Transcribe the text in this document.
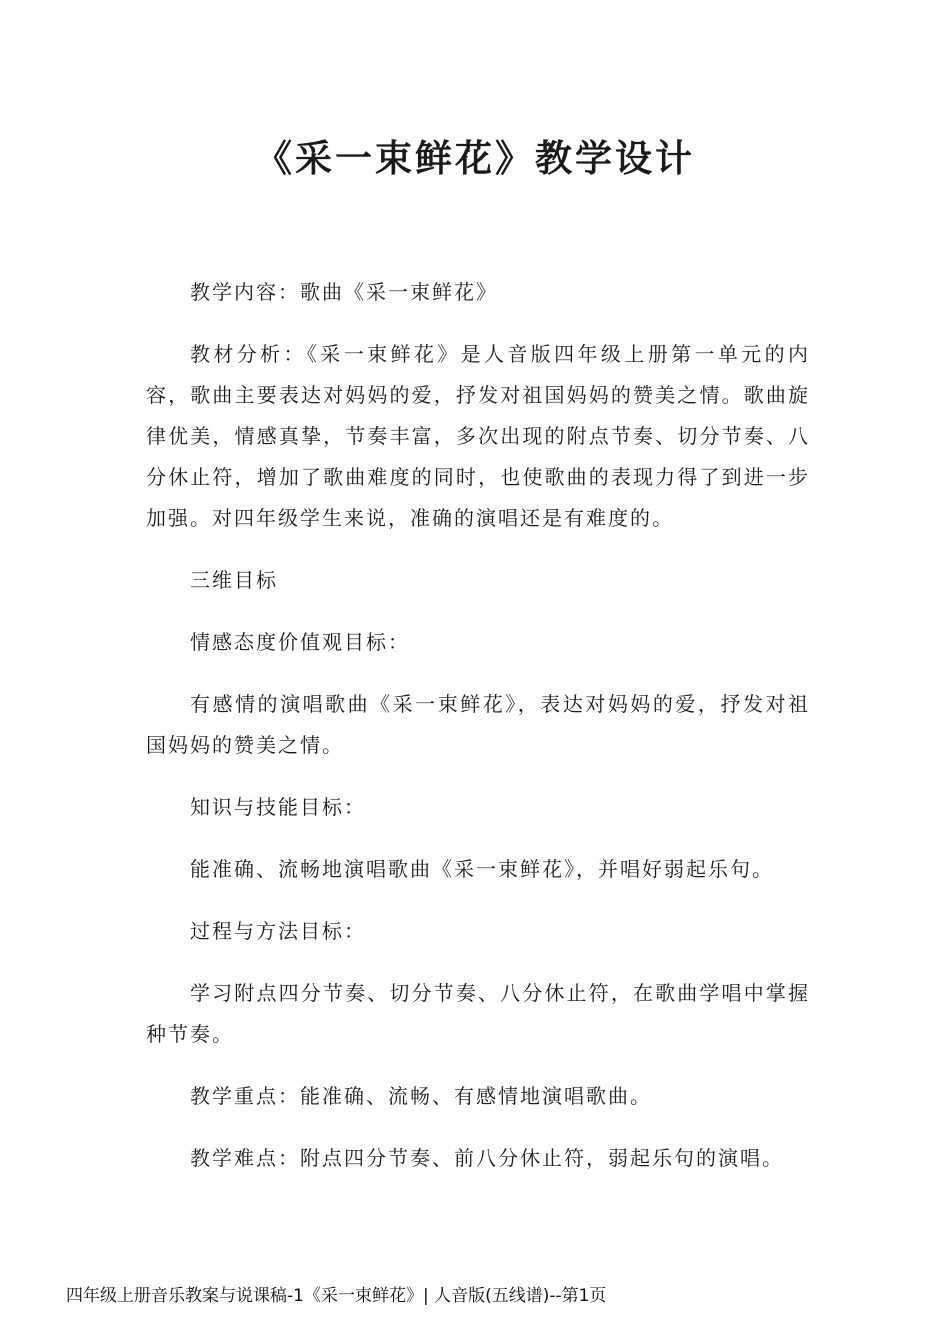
《采一束鲜花》教学设计

教学内容：歌曲《采一束鲜花》

教材分析：《采一束鲜花》是人音版四年级上册第一单元的内容，歌曲主要表达对妈妈的爱，抒发对祖国妈妈的赞美之情。歌曲旋律优美，情感真挚，节奏丰富，多次出现的附点节奏、切分节奏、八分休止符，增加了歌曲难度的同时，也使歌曲的表现力得了到进一步加强。对四年级学生来说，准确的演唱还是有难度的。

三维目标

情感态度价值观目标：

有感情的演唱歌曲《采一束鲜花》，表达对妈妈的爱，抒发对祖国妈妈的赞美之情。

知识与技能目标：

能准确、流畅地演唱歌曲《采一束鲜花》，并唱好弱起乐句。

过程与方法目标：

学习附点四分节奏、切分节奏、八分休止符，在歌曲学唱中掌握种节奏。

教学重点：能准确、流畅、有感情地演唱歌曲。

教学难点：附点四分节奏、前八分休止符，弱起乐句的演唱。

四年级上册音乐教案与说课稿-1《采一束鲜花》| 人音版(五线谱)--第1页
